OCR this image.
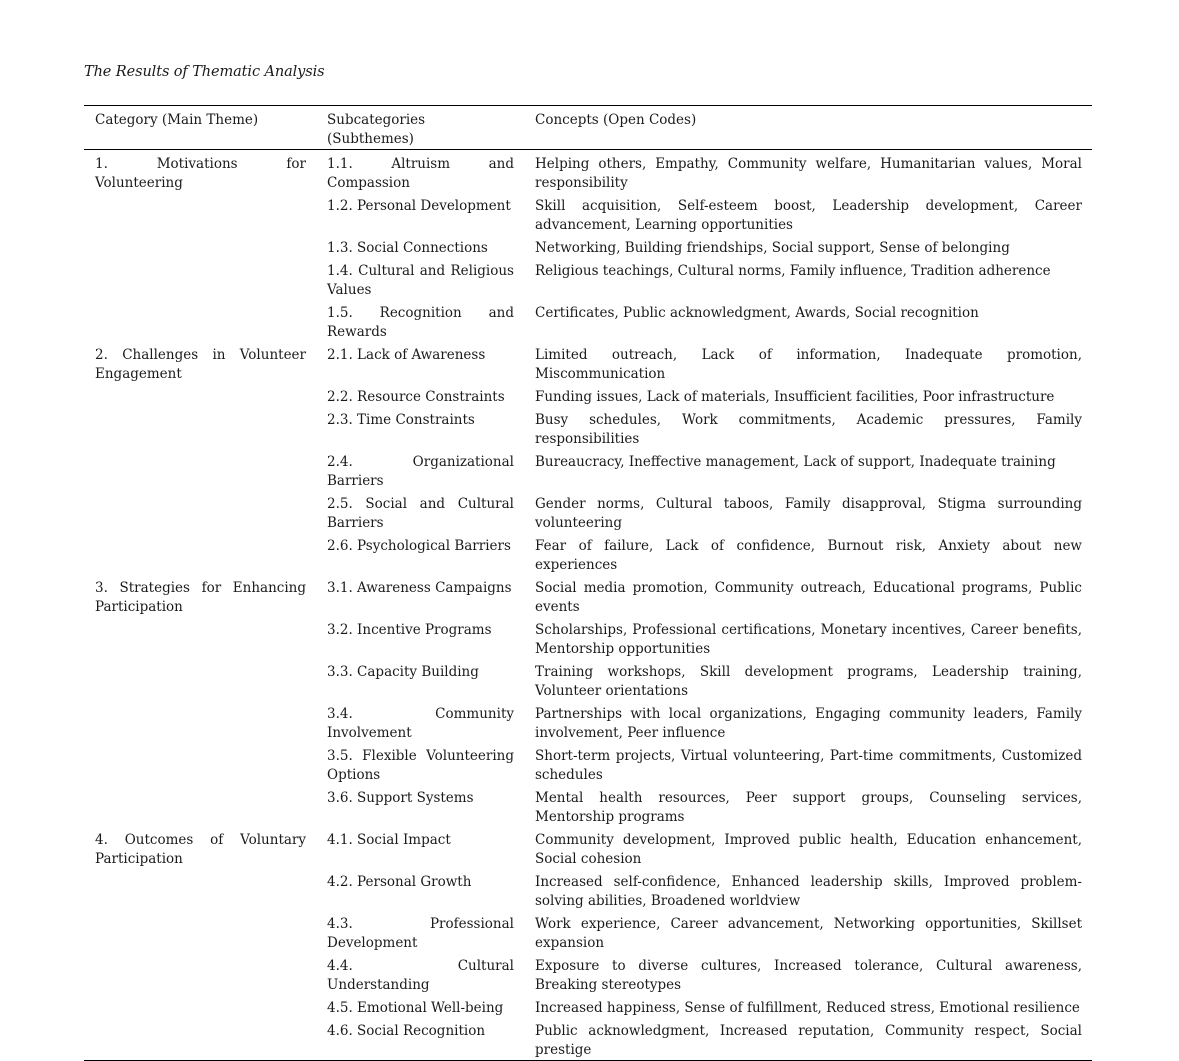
The Results of Thematic Analysis
Category (Main Theme)	Subcategories (Subthemes)	Concepts (Open Codes)
1. Motivations for Volunteering	1.1. Altruism and Compassion	Helping others, Empathy, Community welfare, Humanitarian values, Moral responsibility
	1.2. Personal Development	Skill acquisition, Self-esteem boost, Leadership development, Career advancement, Learning opportunities
	1.3. Social Connections	Networking, Building friendships, Social support, Sense of belonging
	1.4. Cultural and Religious Values	Religious teachings, Cultural norms, Family influence, Tradition adherence
	1.5. Recognition and Rewards	Certificates, Public acknowledgment, Awards, Social recognition
2. Challenges in Volunteer Engagement	2.1. Lack of Awareness	Limited outreach, Lack of information, Inadequate promotion, Miscommunication
	2.2. Resource Constraints	Funding issues, Lack of materials, Insufficient facilities, Poor infrastructure
	2.3. Time Constraints	Busy schedules, Work commitments, Academic pressures, Family responsibilities
	2.4. Organizational Barriers	Bureaucracy, Ineffective management, Lack of support, Inadequate training
	2.5. Social and Cultural Barriers	Gender norms, Cultural taboos, Family disapproval, Stigma surrounding volunteering
	2.6. Psychological Barriers	Fear of failure, Lack of confidence, Burnout risk, Anxiety about new experiences
3. Strategies for Enhancing Participation	3.1. Awareness Campaigns	Social media promotion, Community outreach, Educational programs, Public events
	3.2. Incentive Programs	Scholarships, Professional certifications, Monetary incentives, Career benefits, Mentorship opportunities
	3.3. Capacity Building	Training workshops, Skill development programs, Leadership training, Volunteer orientations
	3.4. Community Involvement	Partnerships with local organizations, Engaging community leaders, Family involvement, Peer influence
	3.5. Flexible Volunteering Options	Short-term projects, Virtual volunteering, Part-time commitments, Customized schedules
	3.6. Support Systems	Mental health resources, Peer support groups, Counseling services, Mentorship programs
4. Outcomes of Voluntary Participation	4.1. Social Impact	Community development, Improved public health, Education enhancement, Social cohesion
	4.2. Personal Growth	Increased self-confidence, Enhanced leadership skills, Improved problem-solving abilities, Broadened worldview
	4.3. Professional Development	Work experience, Career advancement, Networking opportunities, Skillset expansion
	4.4. Cultural Understanding	Exposure to diverse cultures, Increased tolerance, Cultural awareness, Breaking stereotypes
	4.5. Emotional Well-being	Increased happiness, Sense of fulfillment, Reduced stress, Emotional resilience
	4.6. Social Recognition	Public acknowledgment, Increased reputation, Community respect, Social prestige
